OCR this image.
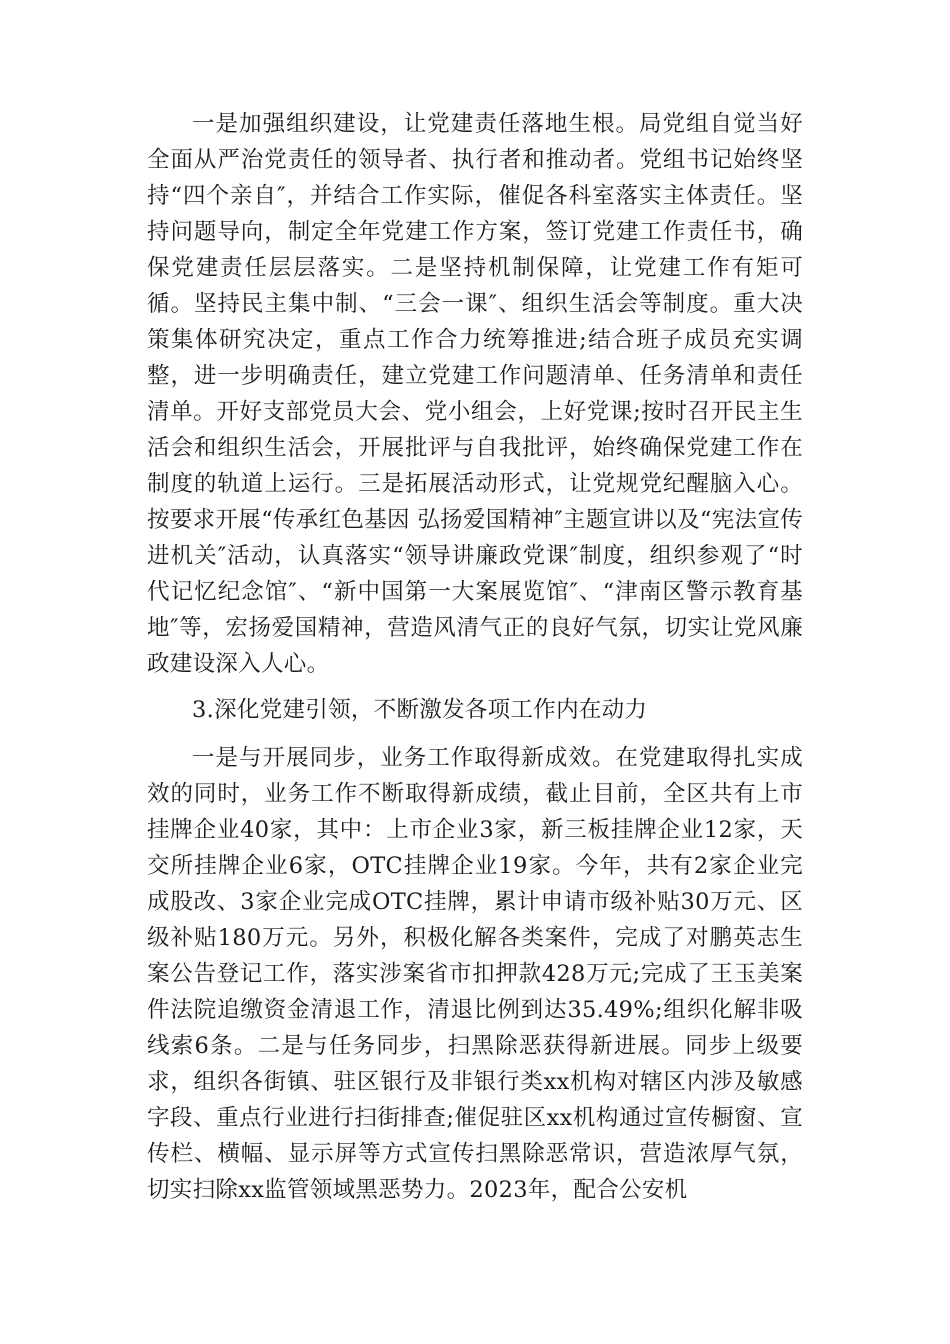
一是加强组织建设，让党建责任落地生根。局党组自觉当好全面从严治党责任的领导者、执行者和推动者。党组书记始终坚持“四个亲自″，并结合工作实际，催促各科室落实主体责任。坚持问题导向，制定全年党建工作方案，签订党建工作责任书，确保党建责任层层落实。二是坚持机制保障，让党建工作有矩可循。坚持民主集中制、“三会一课″、组织生活会等制度。重大决策集体研究决定，重点工作合力统筹推进;结合班子成员充实调整，进一步明确责任，建立党建工作问题清单、任务清单和责任清单。开好支部党员大会、党小组会，上好党课;按时召开民主生活会和组织生活会，开展批评与自我批评，始终确保党建工作在制度的轨道上运行。三是拓展活动形式，让党规党纪醒脑入心。按要求开展“传承红色基因 弘扬爱国精神″主题宣讲以及“宪法宣传进机关″活动，认真落实“领导讲廉政党课″制度，组织参观了“时代记忆纪念馆″、“新中国第一大案展览馆″、“津南区警示教育基地″等，宏扬爱国精神，营造风清气正的良好气氛，切实让党风廉政建设深入人心。

3.深化党建引领，不断激发各项工作内在动力

一是与开展同步，业务工作取得新成效。在党建取得扎实成效的同时，业务工作不断取得新成绩，截止目前，全区共有上市挂牌企业40家，其中：上市企业3家，新三板挂牌企业12家，天交所挂牌企业6家，OTC挂牌企业19家。今年，共有2家企业完成股改、3家企业完成OTC挂牌，累计申请市级补贴30万元、区级补贴180万元。另外，积极化解各类案件，完成了对鹏英志生案公告登记工作，落实涉案省市扣押款428万元;完成了王玉美案件法院追缴资金清退工作，清退比例到达35.49%;组织化解非吸线索6条。二是与任务同步，扫黑除恶获得新进展。同步上级要求，组织各街镇、驻区银行及非银行类xx机构对辖区内涉及敏感字段、重点行业进行扫街排查;催促驻区xx机构通过宣传橱窗、宣传栏、横幅、显示屏等方式宣传扫黑除恶常识，营造浓厚气氛，切实扫除xx监管领域黑恶势力。2023年，配合公安机
